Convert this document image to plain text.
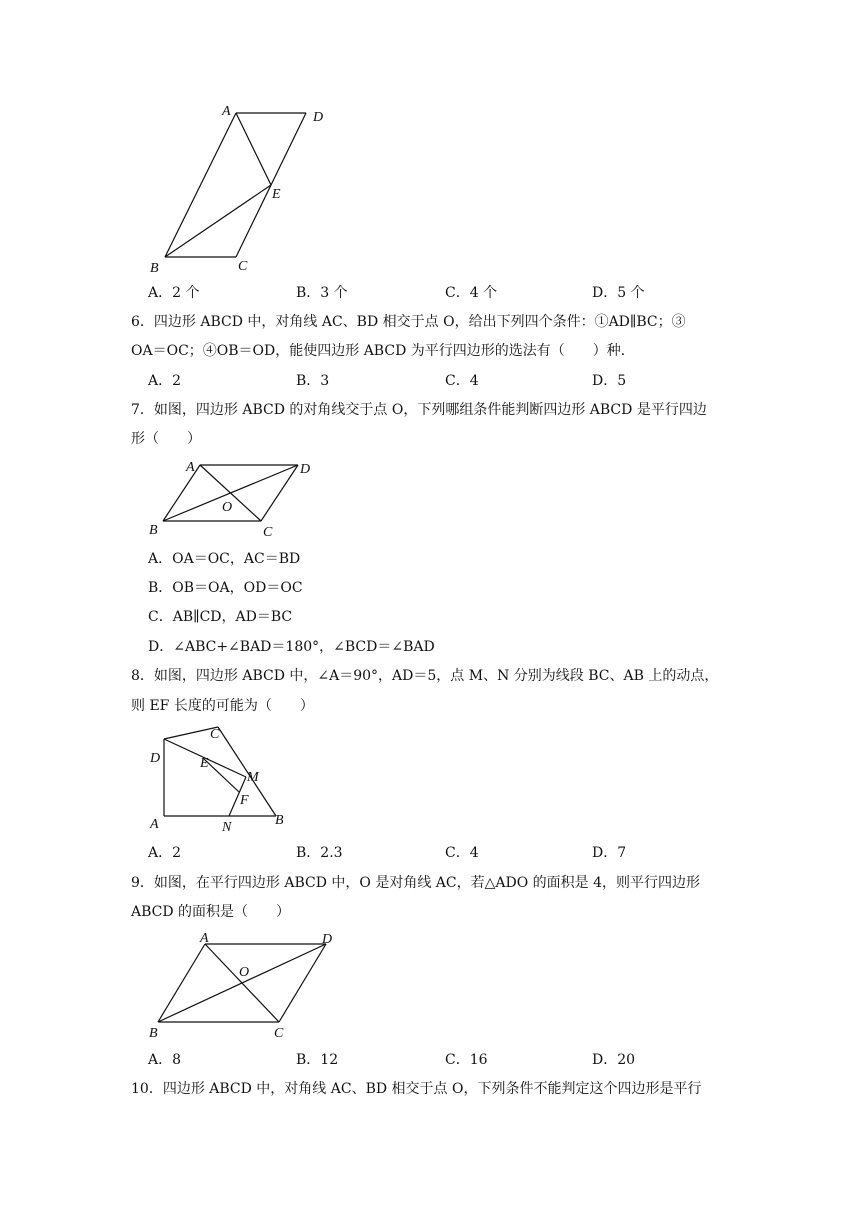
A	D
E
B	C
A．2 个	B．3 个	C．4 个	D．5 个
6．四边形 ABCD 中，对角线 AC、BD 相交于点 O，给出下列四个条件：①AD∥BC；③
OA＝OC；④OB＝OD，能使四边形 ABCD 为平行四边形的选法有（　　）种．
A．2	B．3	C．4	D．5
7．如图，四边形 ABCD 的对角线交于点 O，下列哪组条件能判断四边形 ABCD 是平行四边
形（　　）
A	D
O
B	C
A．OA＝OC，AC＝BD
B．OB＝OA，OD＝OC
C．AB∥CD，AD＝BC
D．∠ABC+∠BAD＝180°，∠BCD＝∠BAD
8．如图，四边形 ABCD 中，∠A＝90°，AD＝5，点 M、N 分别为线段 BC、AB 上的动点，
则 EF 长度的可能为（　　）
D
C
E
M
F
A	N	B
A．2	B．2.3	C．4	D．7
9．如图，在平行四边形 ABCD 中，O 是对角线 AC，若△ADO 的面积是 4，则平行四边形
ABCD 的面积是（　　）
A	D
O
B	C
A．8	B．12	C．16	D．20
10．四边形 ABCD 中，对角线 AC、BD 相交于点 O，下列条件不能判定这个四边形是平行
